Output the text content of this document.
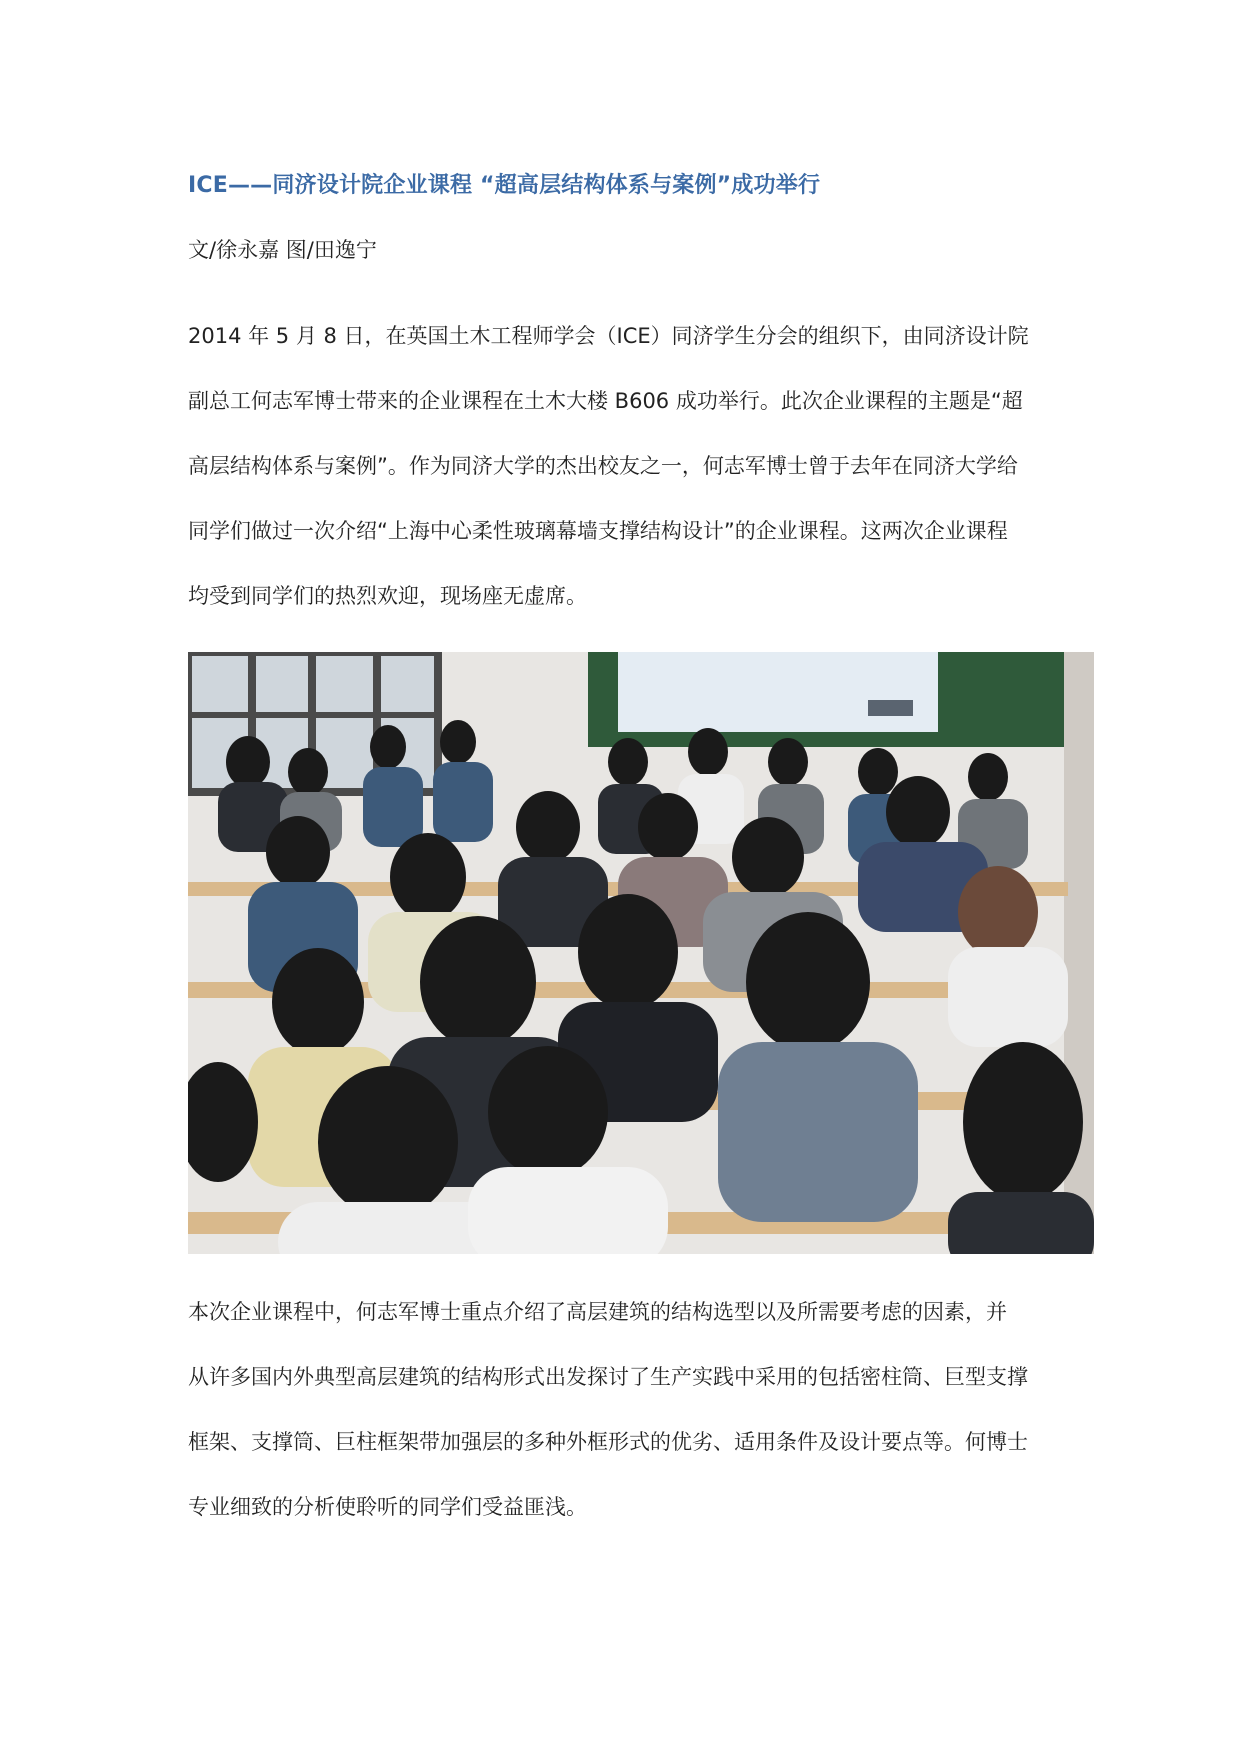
ICE——同济设计院企业课程 “超高层结构体系与案例”成功举行
文/徐永嘉 图/田逸宁
2014 年 5 月 8 日，在英国土木工程师学会（ICE）同济学生分会的组织下，由同济设计院
副总工何志军博士带来的企业课程在土木大楼 B606 成功举行。此次企业课程的主题是“超
高层结构体系与案例”。作为同济大学的杰出校友之一，何志军博士曾于去年在同济大学给
同学们做过一次介绍“上海中心柔性玻璃幕墙支撑结构设计”的企业课程。这两次企业课程
均受到同学们的热烈欢迎，现场座无虚席。
本次企业课程中，何志军博士重点介绍了高层建筑的结构选型以及所需要考虑的因素，并
从许多国内外典型高层建筑的结构形式出发探讨了生产实践中采用的包括密柱筒、巨型支撑
框架、支撑筒、巨柱框架带加强层的多种外框形式的优劣、适用条件及设计要点等。何博士
专业细致的分析使聆听的同学们受益匪浅。
